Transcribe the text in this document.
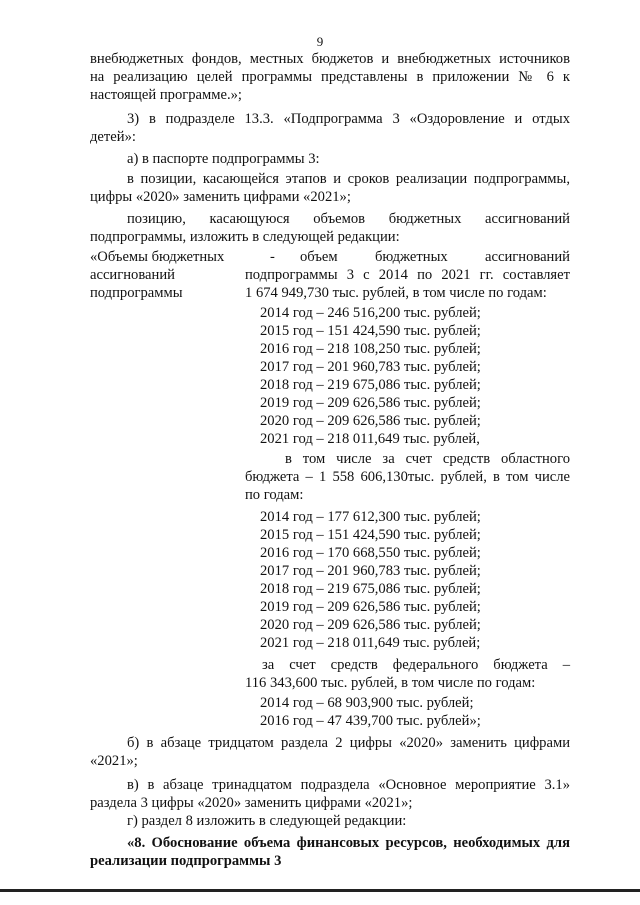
9
внебюджетных фондов, местных бюджетов и внебюджетных источников
на реализацию целей программы представлены в приложении № 6 к
настоящей программе.»;
3) в подразделе 13.3. «Подпрограмма 3 «Оздоровление и отдых
детей»:
а) в паспорте подпрограммы 3:
в позиции, касающейся этапов и сроков реализации подпрограммы,
цифры «2020» заменить цифрами «2021»;
позицию, касающуюся объемов бюджетных ассигнований
подпрограммы, изложить в следующей редакции:
«Объемы бюджетных
ассигнований
подпрограммы
- объем бюджетных ассигнований
подпрограммы 3 с 2014 по 2021 гг. составляет
1 674 949,730 тыс. рублей, в том числе по годам:
2014 год – 246 516,200 тыс. рублей;
2015 год – 151 424,590 тыс. рублей;
2016 год – 218 108,250 тыс. рублей;
2017 год – 201 960,783 тыс. рублей;
2018 год – 219 675,086 тыс. рублей;
2019 год – 209 626,586 тыс. рублей;
2020 год – 209 626,586 тыс. рублей;
2021 год – 218 011,649 тыс. рублей,
в том числе за счет средств областного
бюджета – 1 558 606,130тыс. рублей, в том числе
по годам:
2014 год – 177 612,300 тыс. рублей;
2015 год – 151 424,590 тыс. рублей;
2016 год – 170 668,550 тыс. рублей;
2017 год – 201 960,783 тыс. рублей;
2018 год – 219 675,086 тыс. рублей;
2019 год – 209 626,586 тыс. рублей;
2020 год – 209 626,586 тыс. рублей;
2021 год – 218 011,649 тыс. рублей;
за счет средств федерального бюджета –
116 343,600 тыс. рублей, в том числе по годам:
2014 год – 68 903,900 тыс. рублей;
2016 год – 47 439,700 тыс. рублей»;
б) в абзаце тридцатом раздела 2 цифры «2020» заменить цифрами
«2021»;
в) в абзаце тринадцатом подраздела «Основное мероприятие 3.1»
раздела 3 цифры «2020» заменить цифрами «2021»;
г) раздел 8 изложить в следующей редакции:
«8. Обоснование объема финансовых ресурсов, необходимых для
реализации подпрограммы 3
